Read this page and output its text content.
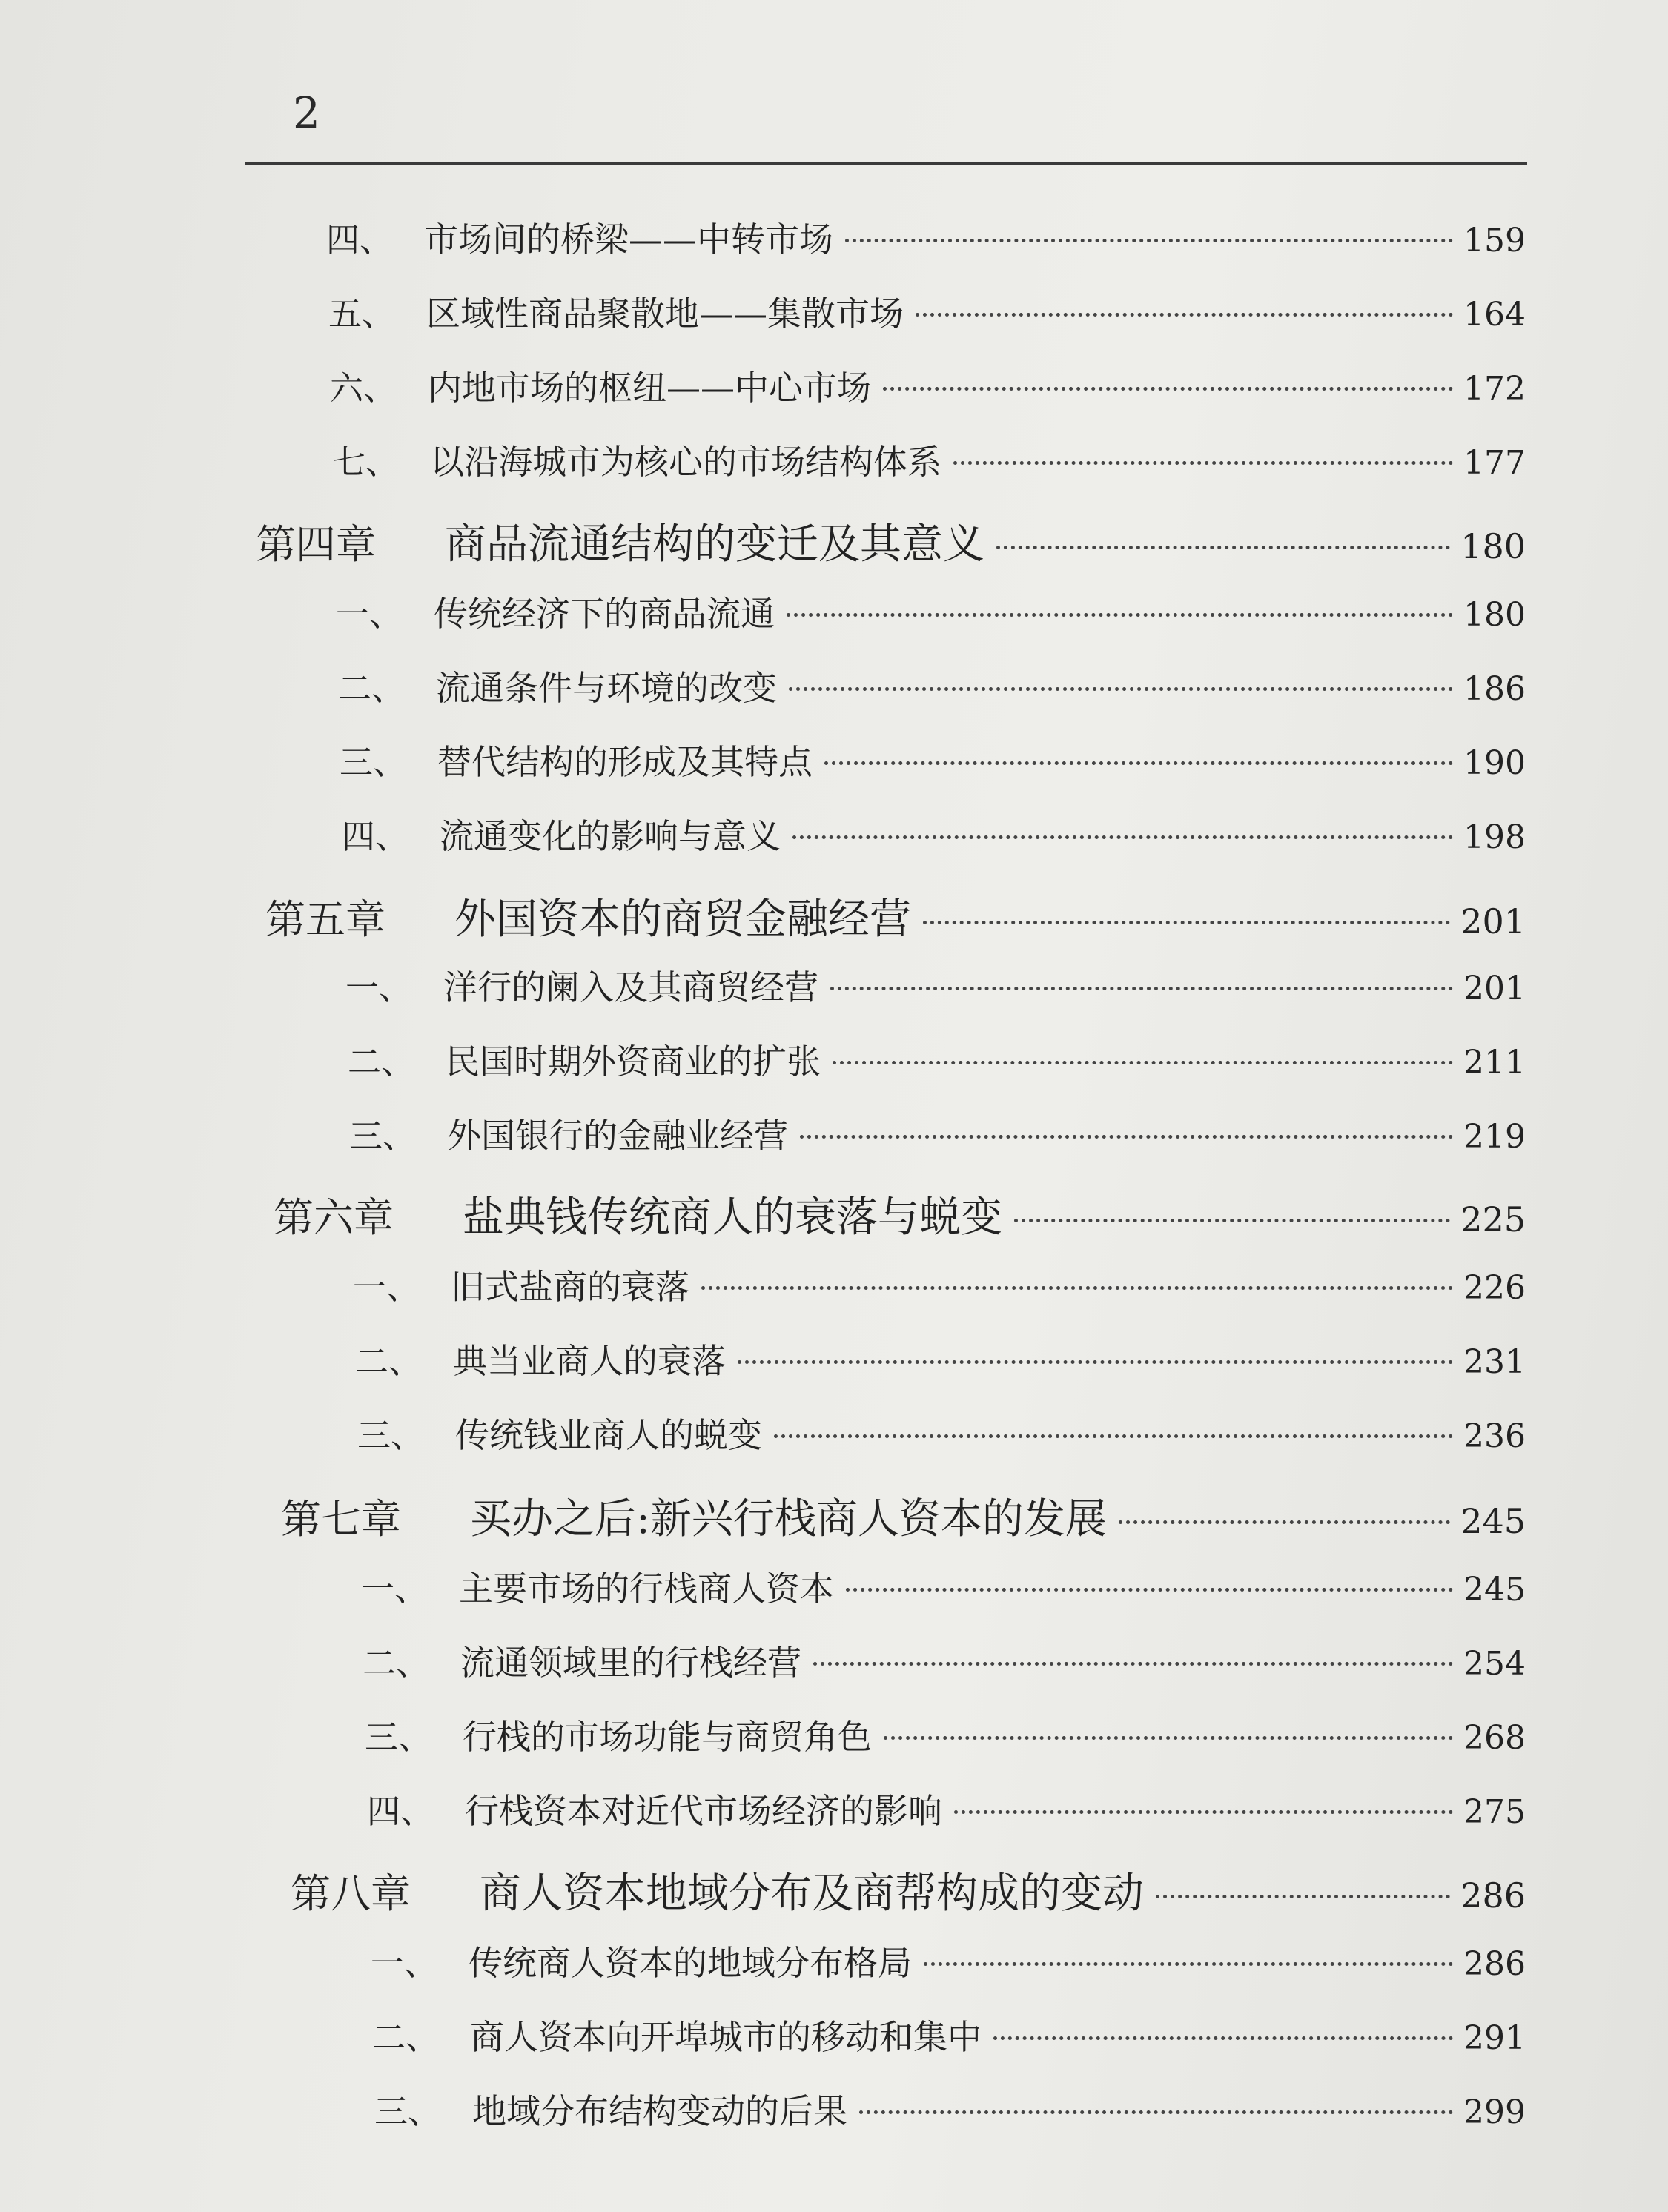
2
四、 市场间的桥梁——中转市场	159
五、 区域性商品聚散地——集散市场	164
六、 内地市场的枢纽——中心市场	172
七、 以沿海城市为核心的市场结构体系	177
第四章	商品流通结构的变迁及其意义	180
一、 传统经济下的商品流通	180
二、 流通条件与环境的改变	186
三、 替代结构的形成及其特点	190
四、 流通变化的影响与意义	198
第五章	外国资本的商贸金融经营	201
一、 洋行的阑入及其商贸经营	201
二、 民国时期外资商业的扩张	211
三、 外国银行的金融业经营	219
第六章	盐典钱传统商人的衰落与蜕变	225
一、 旧式盐商的衰落	226
二、 典当业商人的衰落	231
三、 传统钱业商人的蜕变	236
第七章	买办之后:新兴行栈商人资本的发展	245
一、 主要市场的行栈商人资本	245
二、 流通领域里的行栈经营	254
三、 行栈的市场功能与商贸角色	268
四、 行栈资本对近代市场经济的影响	275
第八章	商人资本地域分布及商帮构成的变动	286
一、 传统商人资本的地域分布格局	286
二、 商人资本向开埠城市的移动和集中	291
三、 地域分布结构变动的后果	299
